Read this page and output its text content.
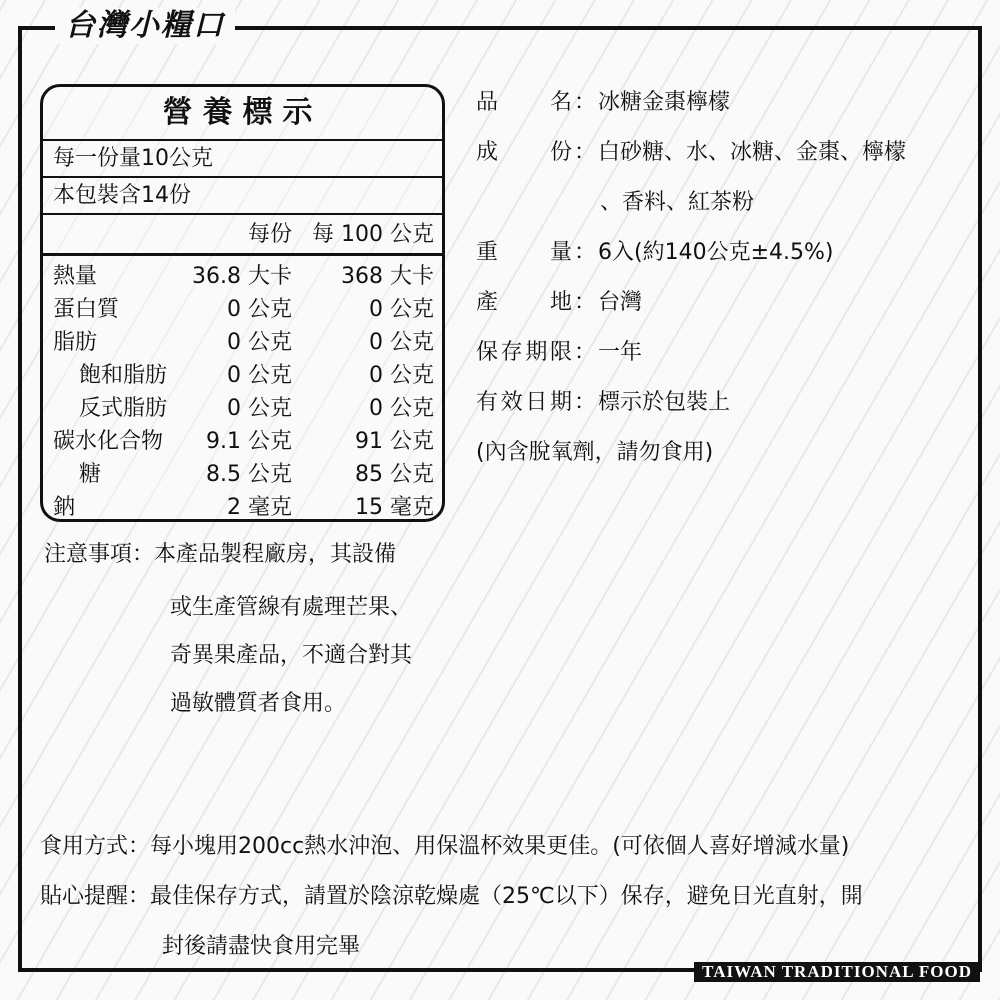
台灣小糧口
TAIWAN TRADITIONAL FOOD
營養標示
每一份量10公克
本包裝含14份
每份 每 100 公克
熱量	36.8 大卡 368 大卡
蛋白質	0 公克	0 公克
脂肪	0 公克	0 公克
飽和脂肪	0 公克	0 公克
反式脂肪	0 公克	0 公克
碳水化合物 9.1 公克	91 公克
糖	8.5 公克	85 公克
鈉	2 毫克	15 毫克
品名：冰糖金棗檸檬
成份：白砂糖、水、冰糖、金棗、檸檬
、香料、紅茶粉
重量：6入(約140公克±4.5%)
產地：台灣
保存期限：一年
有效日期：標示於包裝上
(內含脫氧劑，請勿食用)
注意事項：本產品製程廠房，其設備
或生產管線有處理芒果、
奇異果產品，不適合對其
過敏體質者食用。
食用方式：每小塊用200cc熱水沖泡、用保溫杯效果更佳。(可依個人喜好增減水量)
貼心提醒：最佳保存方式，請置於陰涼乾燥處（25℃以下）保存，避免日光直射，開
封後請盡快食用完畢
